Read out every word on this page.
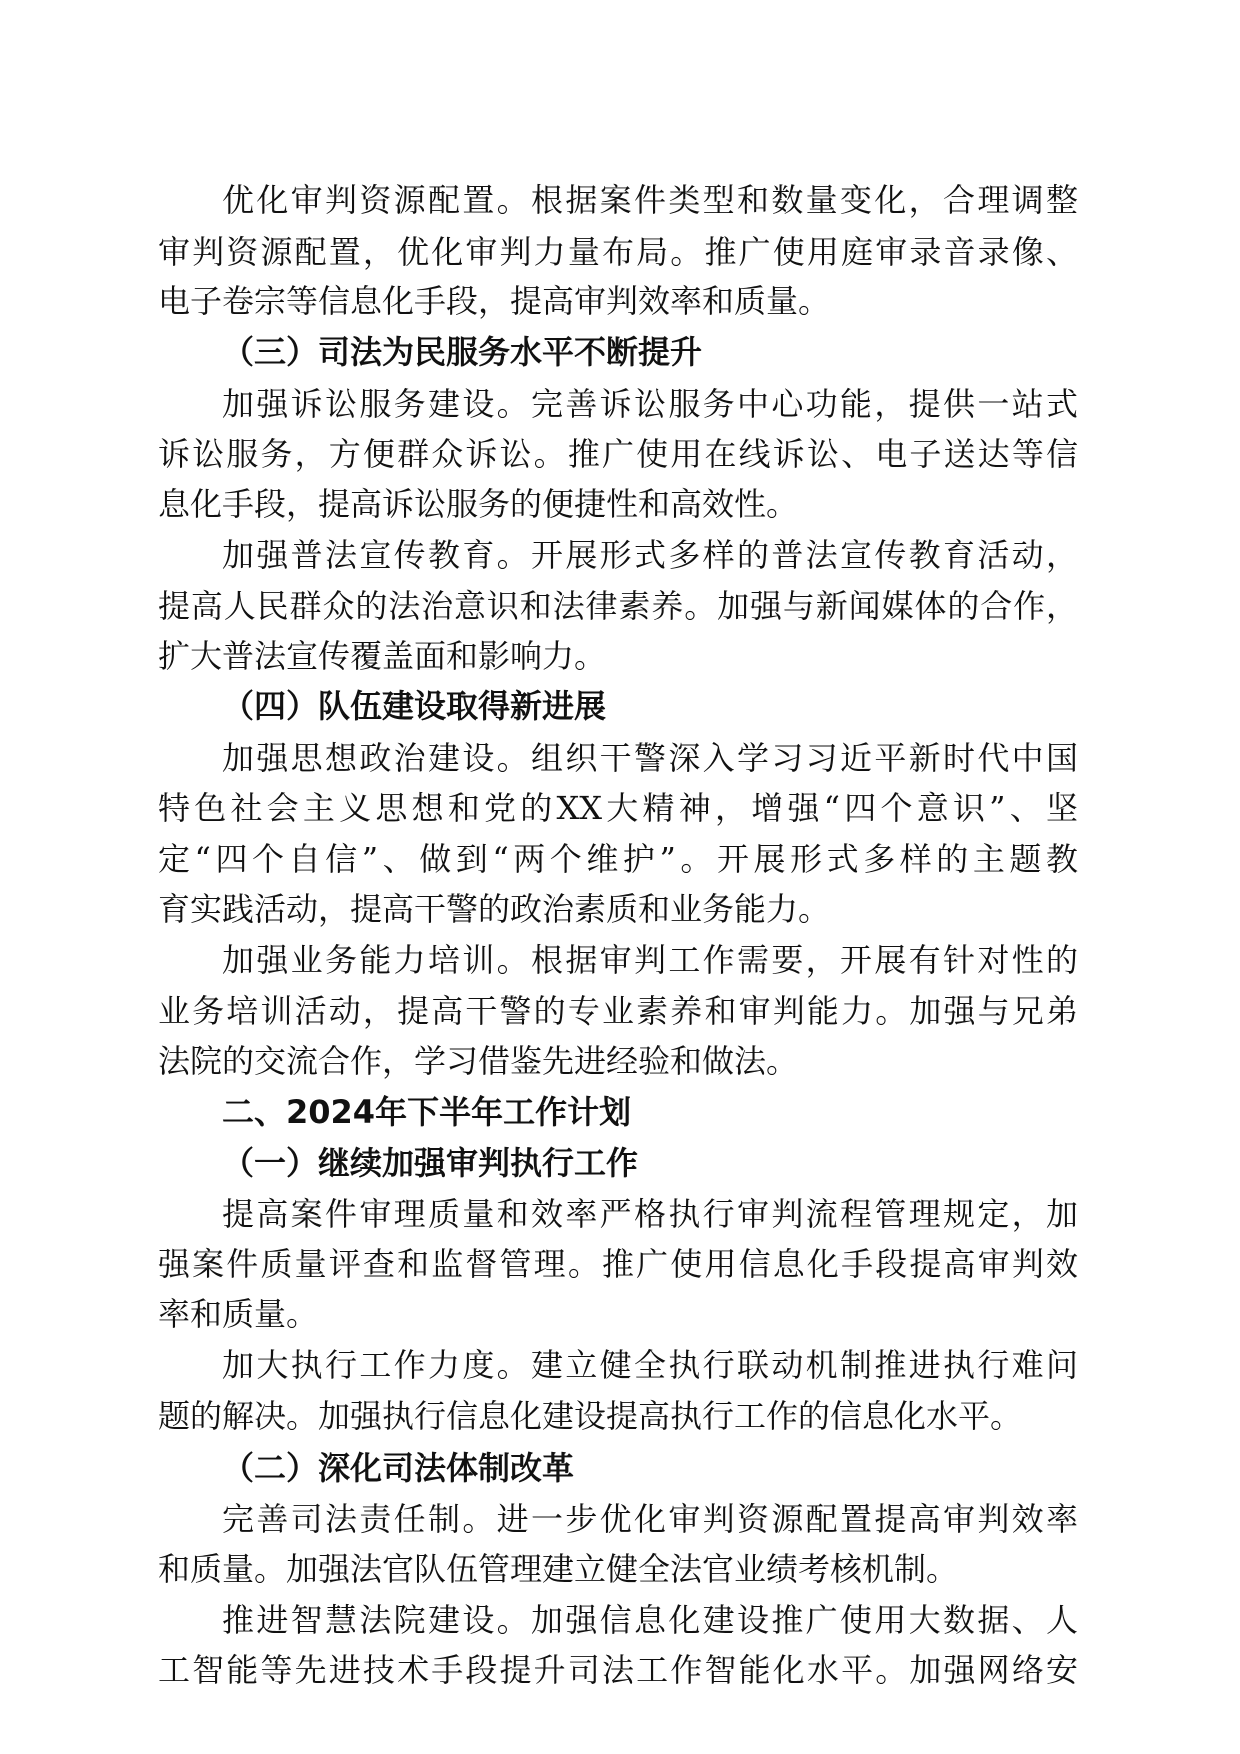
优化审判资源配置。根据案件类型和数量变化，合理调整
审判资源配置，优化审判力量布局。推广使用庭审录音录像、
电子卷宗等信息化手段，提高审判效率和质量。
（三）司法为民服务水平不断提升
加强诉讼服务建设。完善诉讼服务中心功能，提供一站式
诉讼服务，方便群众诉讼。推广使用在线诉讼、电子送达等信
息化手段，提高诉讼服务的便捷性和高效性。
加强普法宣传教育。开展形式多样的普法宣传教育活动，
提高人民群众的法治意识和法律素养。加强与新闻媒体的合作，
扩大普法宣传覆盖面和影响力。
（四）队伍建设取得新进展
加强思想政治建设。组织干警深入学习习近平新时代中国
特色社会主义思想和党的XX大精神，增强“四个意识”、坚
定“四个自信”、做到“两个维护”。开展形式多样的主题教
育实践活动，提高干警的政治素质和业务能力。
加强业务能力培训。根据审判工作需要，开展有针对性的
业务培训活动，提高干警的专业素养和审判能力。加强与兄弟
法院的交流合作，学习借鉴先进经验和做法。
二、2024年下半年工作计划
（一）继续加强审判执行工作
提高案件审理质量和效率严格执行审判流程管理规定，加
强案件质量评查和监督管理。推广使用信息化手段提高审判效
率和质量。
加大执行工作力度。建立健全执行联动机制推进执行难问
题的解决。加强执行信息化建设提高执行工作的信息化水平。
（二）深化司法体制改革
完善司法责任制。进一步优化审判资源配置提高审判效率
和质量。加强法官队伍管理建立健全法官业绩考核机制。
推进智慧法院建设。加强信息化建设推广使用大数据、人
工智能等先进技术手段提升司法工作智能化水平。加强网络安
